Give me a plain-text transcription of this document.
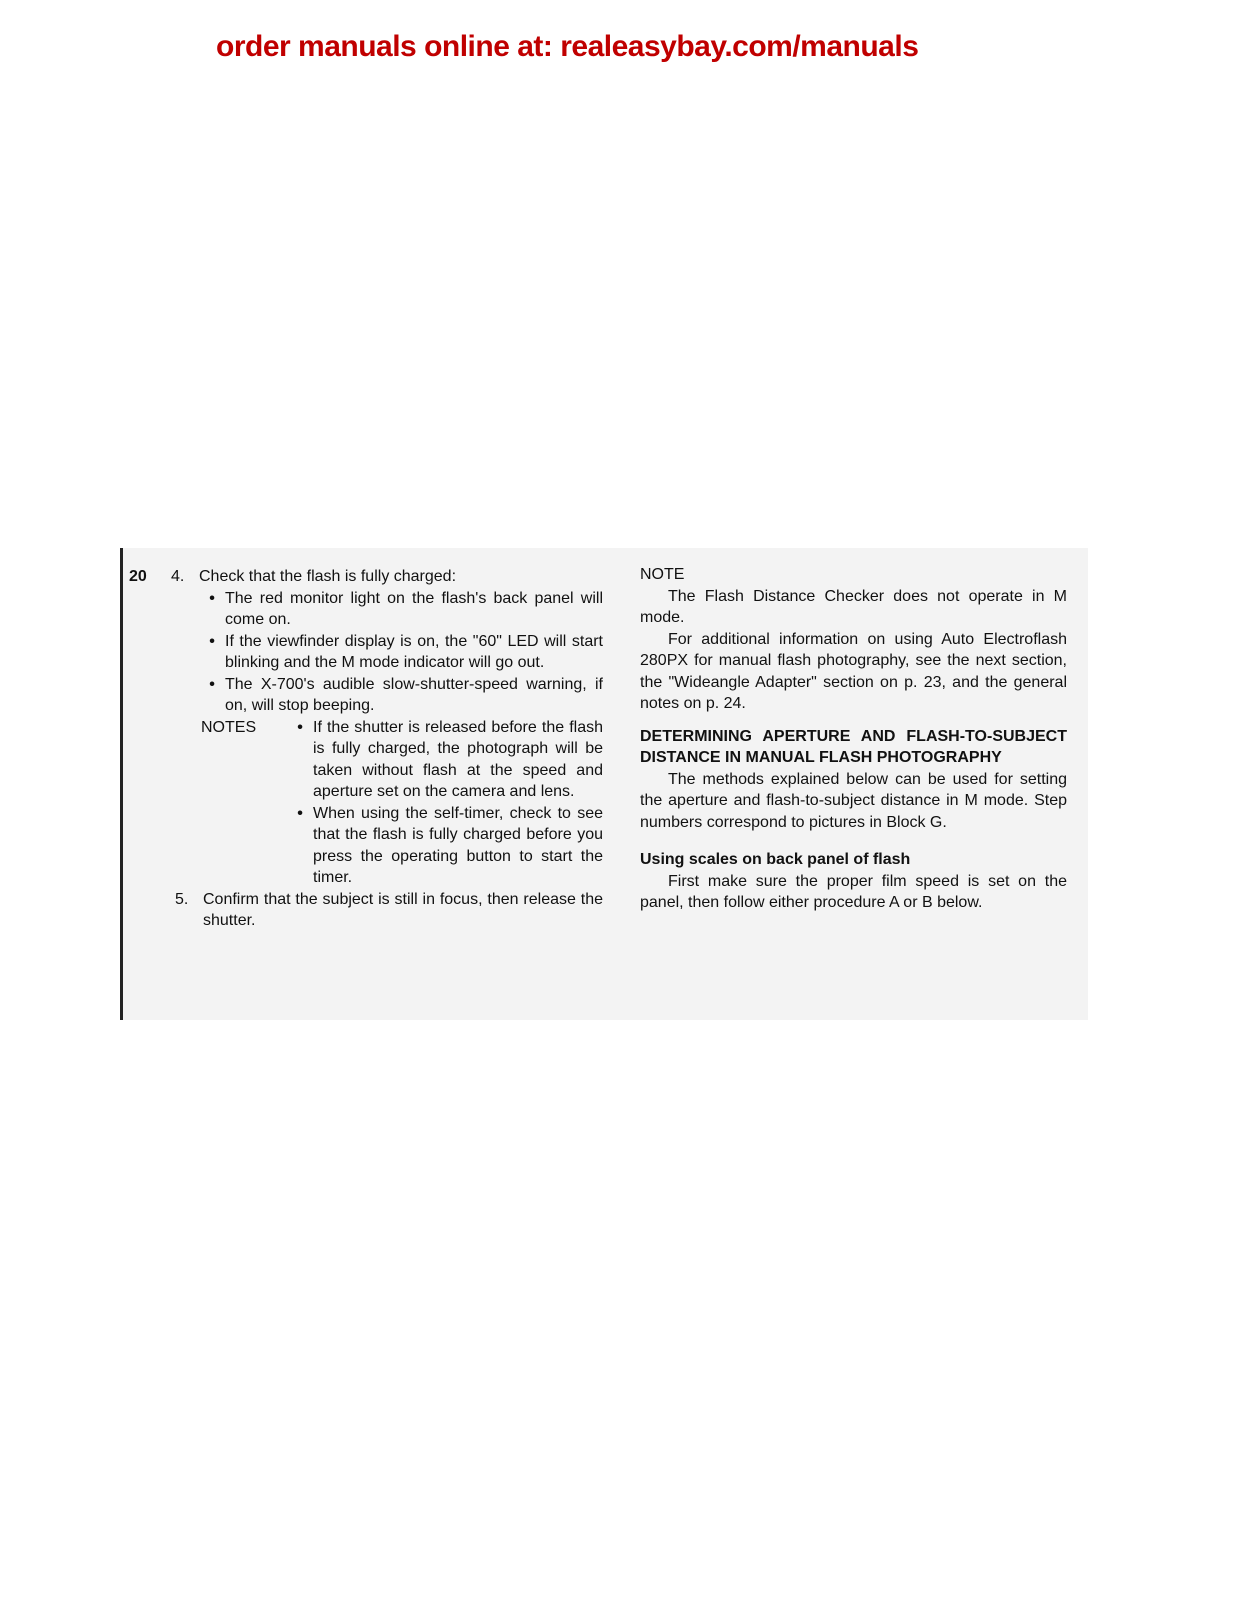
order manuals online at: realeasybay.com/manuals
20 4. Check that the flash is fully charged:
• The red monitor light on the flash's back panel will come on.
• If the viewfinder display is on, the "60" LED will start blinking and the M mode indicator will go out.
• The X-700's audible slow-shutter-speed warning, if on, will stop beeping.
NOTES	• If the shutter is released before the flash is fully charged, the photograph will be taken without flash at the speed and aperture set on the camera and lens.
• When using the self-timer, check to see that the flash is fully charged before you press the operating button to start the timer.
5. Confirm that the subject is still in focus, then release the shutter.

NOTE

The Flash Distance Checker does not operate in M mode.

For additional information on using Auto Electroflash 280PX for manual flash photography, see the next section, the "Wideangle Adapter" section on p. 23, and the general notes on p. 24.

DETERMINING APERTURE AND FLASH-TO-SUBJECT DISTANCE IN MANUAL FLASH PHOTOGRAPHY

The methods explained below can be used for setting the aperture and flash-to-subject distance in M mode. Step numbers correspond to pictures in Block G.

Using scales on back panel of flash

First make sure the proper film speed is set on the panel, then follow either procedure A or B below.
